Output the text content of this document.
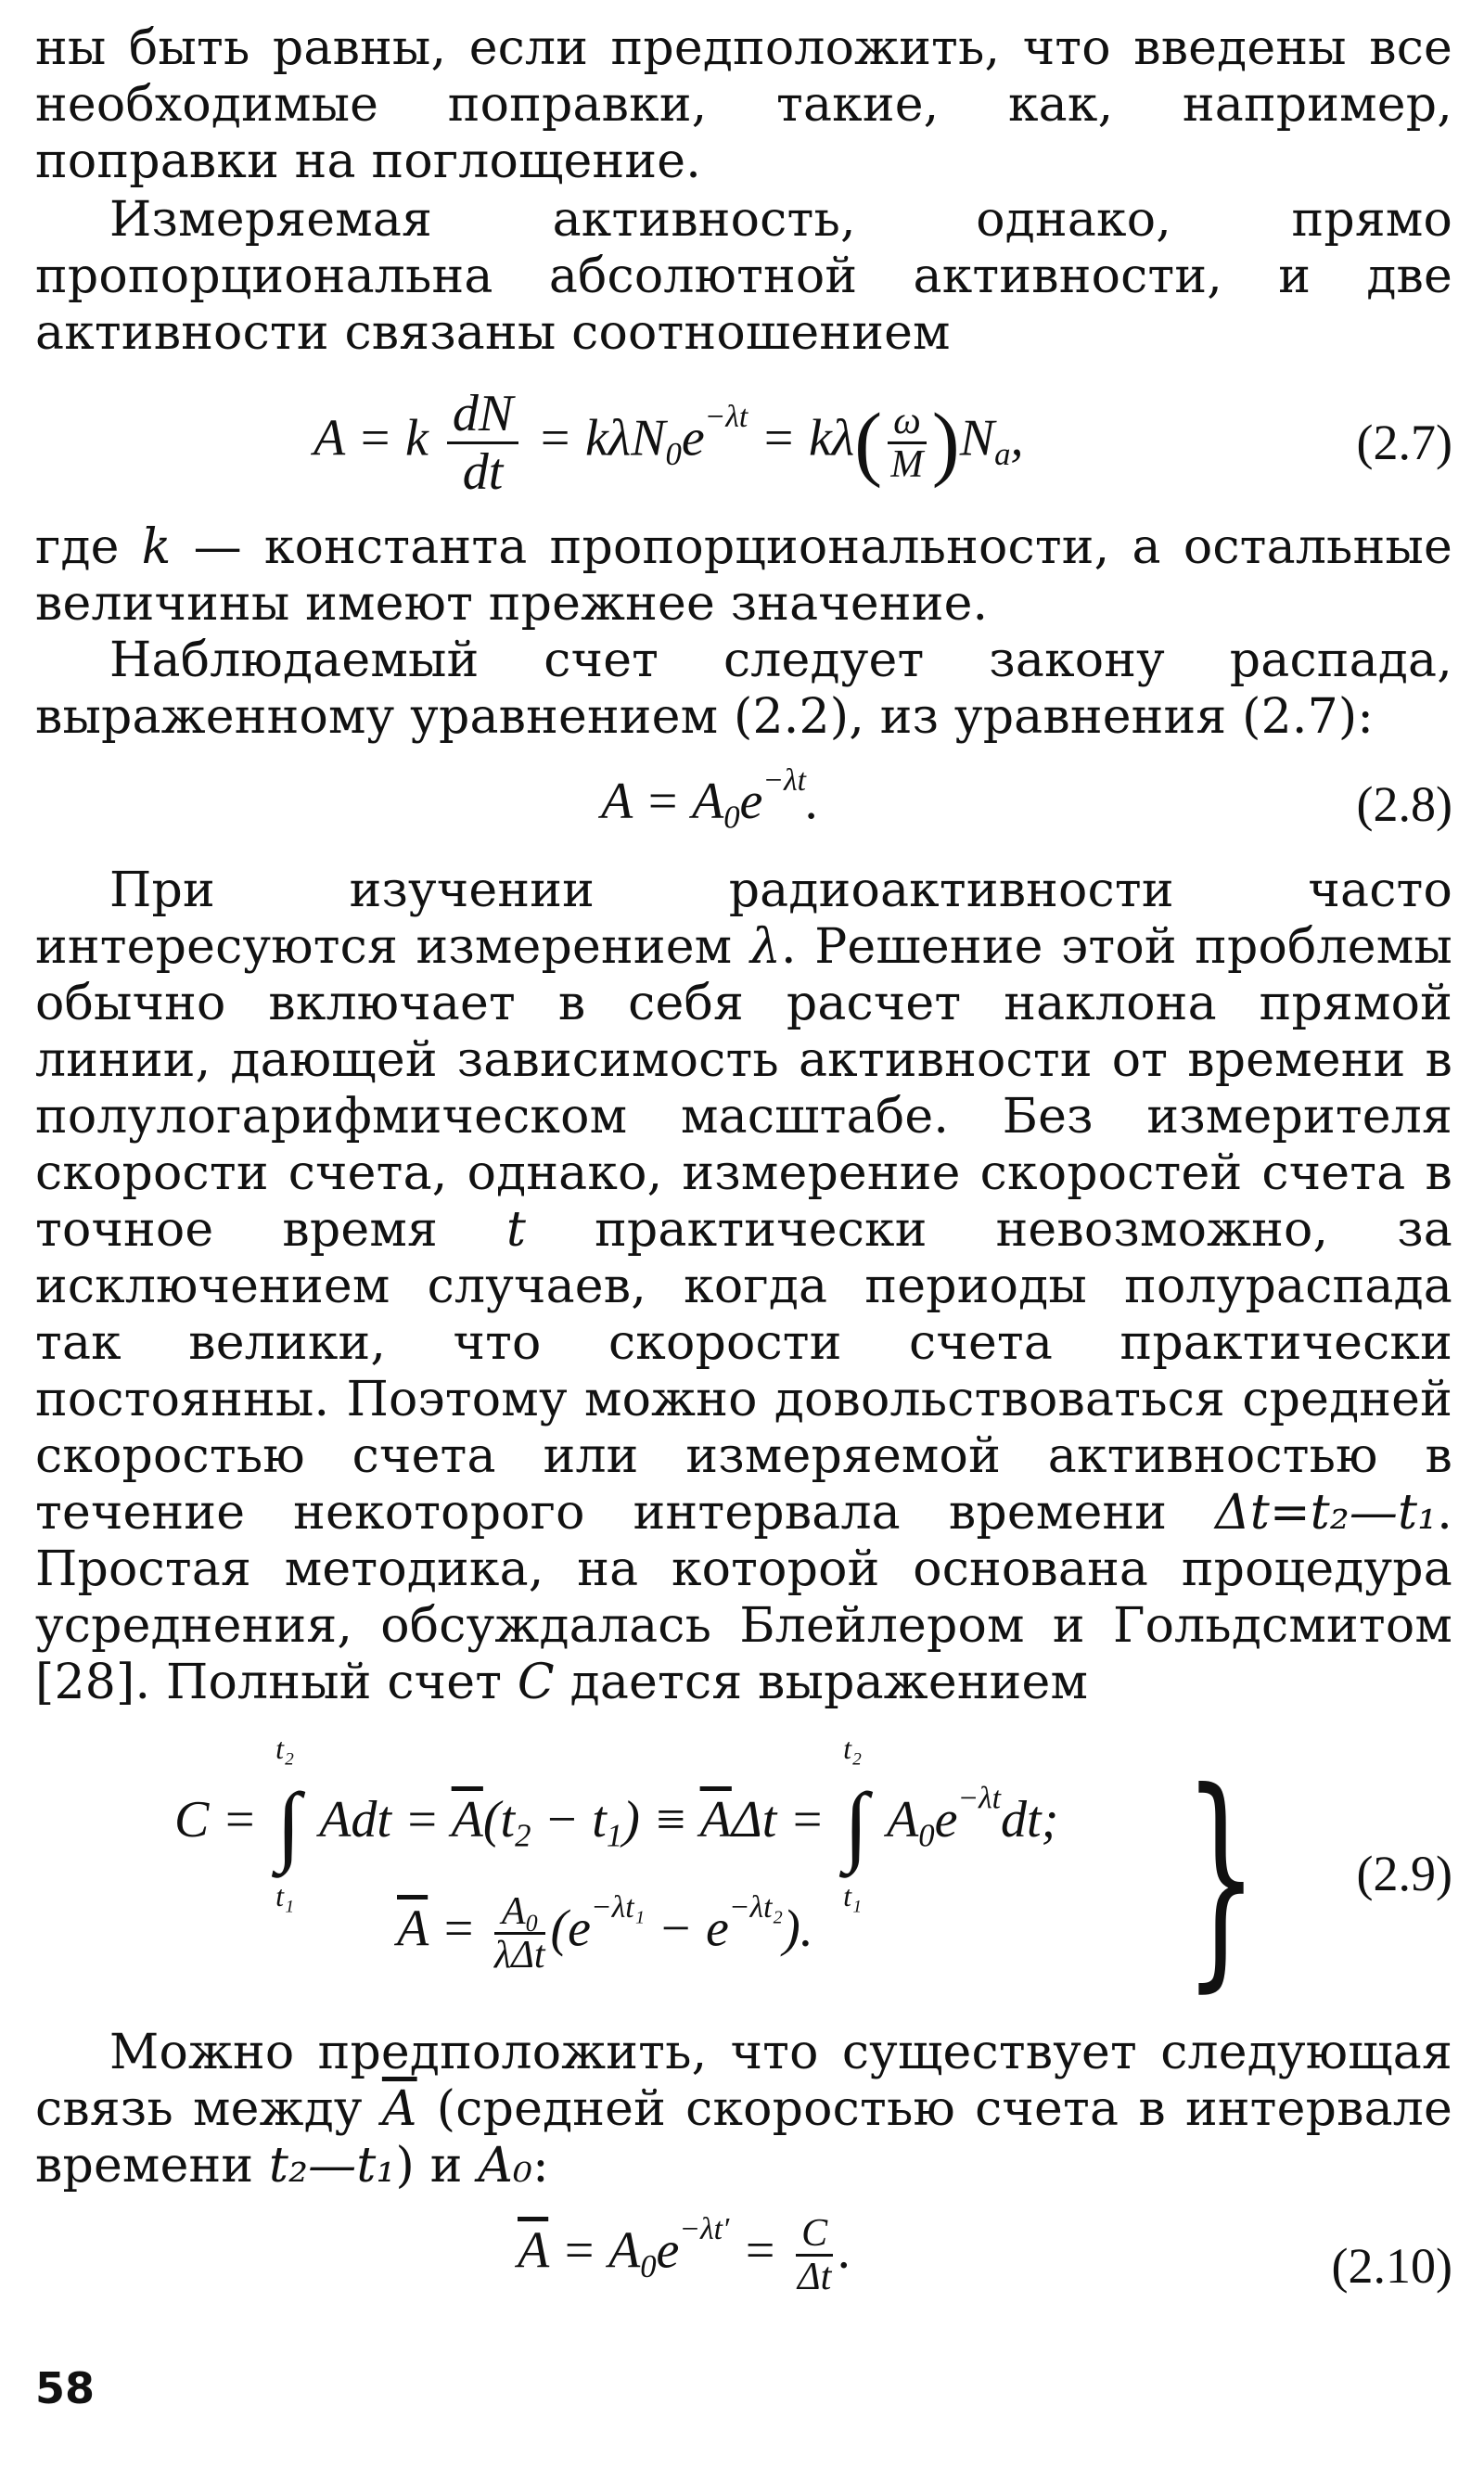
ны быть равны, если предположить, что введены все необходимые поправки, такие, как, например, поправки на поглощение.

Измеряемая активность, однако, прямо пропорциональна абсолютной активности, и две активности связаны соотношением

A = k $\frac{dN}{dt} = k\lambda N_0e^{-\lambda t} = k\lambda( \frac{\omega}{M} )N_a$,	(2.7)

где k — константа пропорциональности, а остальные величины имеют прежнее значение.

Наблюдаемый счет следует закону распада, выраженному уравнением (2.2), из уравнения (2.7):

$A = A_0e^{-\lambda t}$.	(2.8)

При изучении радиоактивности часто интересуются измерением λ. Решение этой проблемы обычно включает в себя расчет наклона прямой линии, дающей зависимость активности от времени в полулогарифмическом масштабе. Без измерителя скорости счета, однако, измерение скоростей счета в точное время t практически невозможно, за исключением случаев, когда периоды полураспада так велики, что скорости счета практически постоянны. Поэтому можно довольствоваться средней скоростью счета или измеряемой активностью в течение некоторого интервала времени Δt=t₂—t₁. Простая методика, на которой основана процедура усреднения, обсуждалась Блейлером и Гольдсмитом [28]. Полный счет C дается выражением

C =
t₂
∫
t₁
Adt = $\overline{A}(t_2 - t_1) \equiv \overline{A}\Delta t$ =
t₂
∫
t₁
$A_0e^{-\lambda t}dt$;
$\overline{A} = \frac{A_0}{\text{λΔt}} (e^{-\lambda t_1} - e^{-\lambda t_2})$. } (2.9)

Можно предположить, что существует следующая связь между $\overline{A}$ (средней скоростью счета в интервале времени t₂—t₁) и A₀:

$\overline{A} = A_0e^{-\lambda t'} = \frac{C}{\Delta t}$ .	(2.10)
58
